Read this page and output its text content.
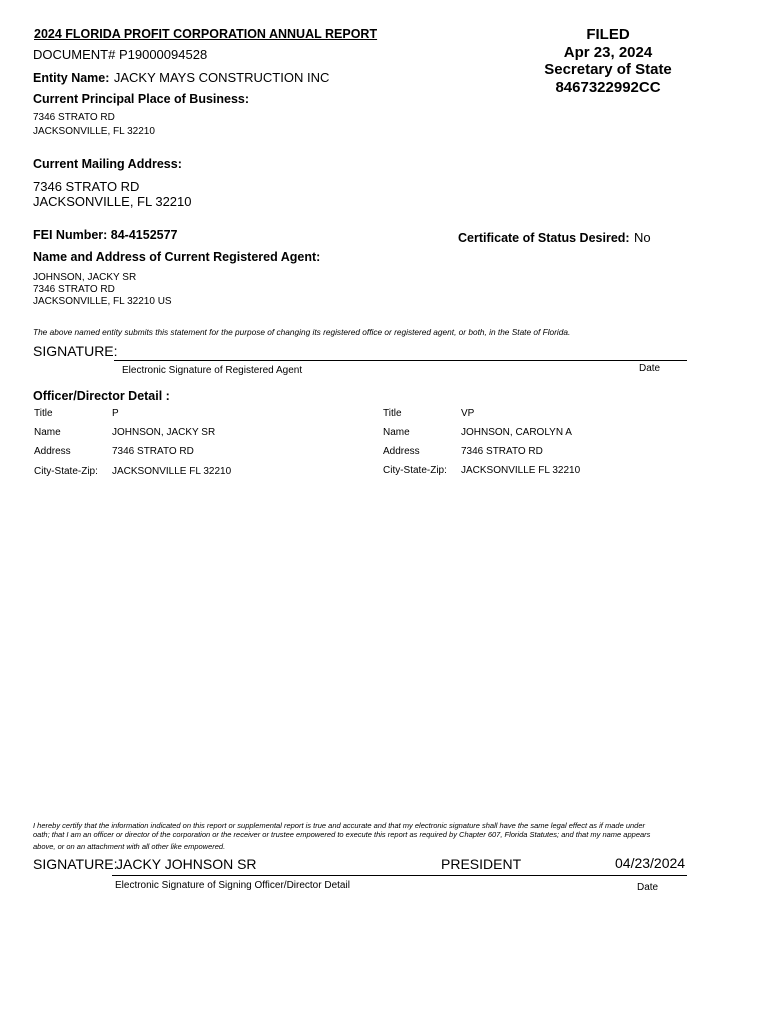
2024 FLORIDA PROFIT CORPORATION ANNUAL REPORT
DOCUMENT# P19000094528
Entity Name: JACKY MAYS CONSTRUCTION INC
FILED
Apr 23, 2024
Secretary of State
8467322992CC
Current Principal Place of Business:
7346 STRATO RD
JACKSONVILLE, FL 32210
Current Mailing Address:
7346 STRATO RD
JACKSONVILLE, FL 32210
FEI Number: 84-4152577	Certificate of Status Desired: No
Name and Address of Current Registered Agent:
JOHNSON, JACKY SR
7346 STRATO RD
JACKSONVILLE, FL 32210 US
The above named entity submits this statement for the purpose of changing its registered office or registered agent, or both, in the State of Florida.
SIGNATURE:
Electronic Signature of Registered Agent	Date
Officer/Director Detail :
Title	P
Name	JOHNSON, JACKY SR
Address	7346 STRATO RD
City-State-Zip: JACKSONVILLE FL 32210
Title	VP
Name	JOHNSON, CAROLYN A
Address	7346 STRATO RD
City-State-Zip: JACKSONVILLE FL 32210
I hereby certify that the information indicated on this report or supplemental report is true and accurate and that my electronic signature shall have the same legal effect as if made under
oath; that I am an officer or director of the corporation or the receiver or trustee empowered to execute this report as required by Chapter 607, Florida Statutes; and that my name appears
above, or on an attachment with all other like empowered.
SIGNATURE:
JACKY JOHNSON SR	PRESIDENT	04/23/2024
Electronic Signature of Signing Officer/Director Detail	Date
